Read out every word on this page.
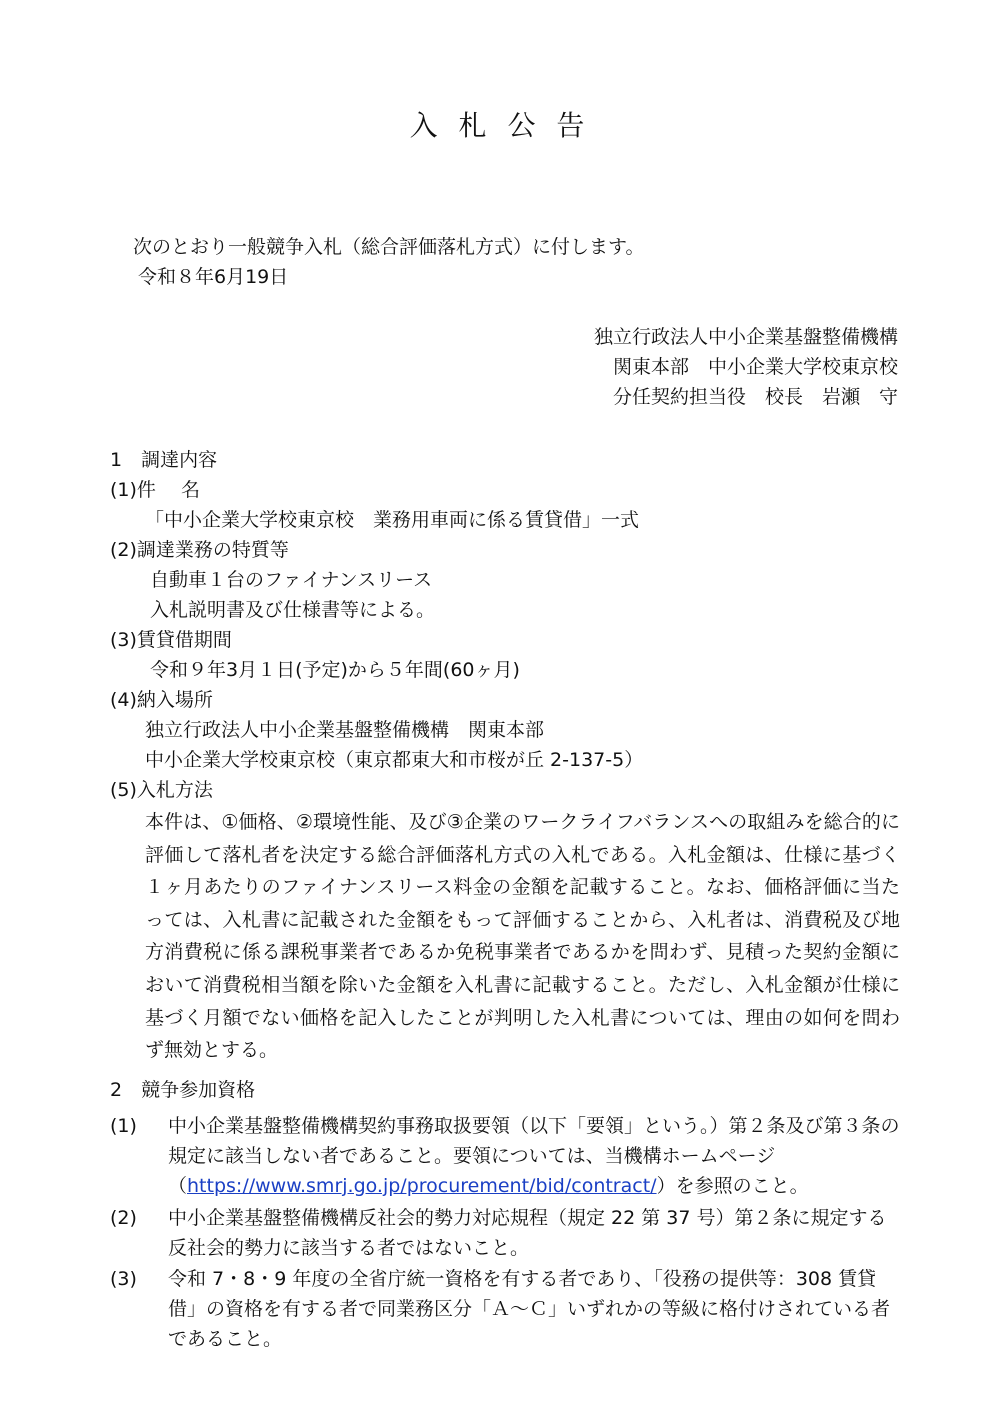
入 札 公 告
次のとおり一般競争入札（総合評価落札方式）に付します。
令和８年6月19日
独立行政法人中小企業基盤整備機構
関東本部　中小企業大学校東京校
分任契約担当役　校長　岩瀬　守
1　調達内容
(1)件　 名
「中小企業大学校東京校　業務用車両に係る賃貸借」一式
(2)調達業務の特質等
自動車１台のファイナンスリース
入札説明書及び仕様書等による。
(3)賃貸借期間
令和９年3月１日(予定)から５年間(60ヶ月)
(4)納入場所
独立行政法人中小企業基盤整備機構　関東本部
中小企業大学校東京校（東京都東大和市桜が丘 2-137-5）
(5)入札方法
本件は、①価格、②環境性能、及び③企業のワークライフバランスへの取組みを総合的に評価して落札者を決定する総合評価落札方式の入札である。入札金額は、仕様に基づく１ヶ月あたりのファイナンスリース料金の金額を記載すること。なお、価格評価に当たっては、入札書に記載された金額をもって評価することから、入札者は、消費税及び地方消費税に係る課税事業者であるか免税事業者であるかを問わず、見積った契約金額において消費税相当額を除いた金額を入札書に記載すること。ただし、入札金額が仕様に基づく月額でない価格を記入したことが判明した入札書については、理由の如何を問わず無効とする。
2　競争参加資格
(1) 中小企業基盤整備機構契約事務取扱要領（以下「要領」という。）第２条及び第３条の規定に該当しない者であること。要領については、当機構ホームページ（https://www.smrj.go.jp/procurement/bid/contract/）を参照のこと。
(2) 中小企業基盤整備機構反社会的勢力対応規程（規定 22 第 37 号）第２条に規定する反社会的勢力に該当する者ではないこと。
(3) 令和 7・8・9 年度の全省庁統一資格を有する者であり、「役務の提供等：308 賃貸借」の資格を有する者で同業務区分「Ａ～Ｃ」いずれかの等級に格付けされている者であること。
